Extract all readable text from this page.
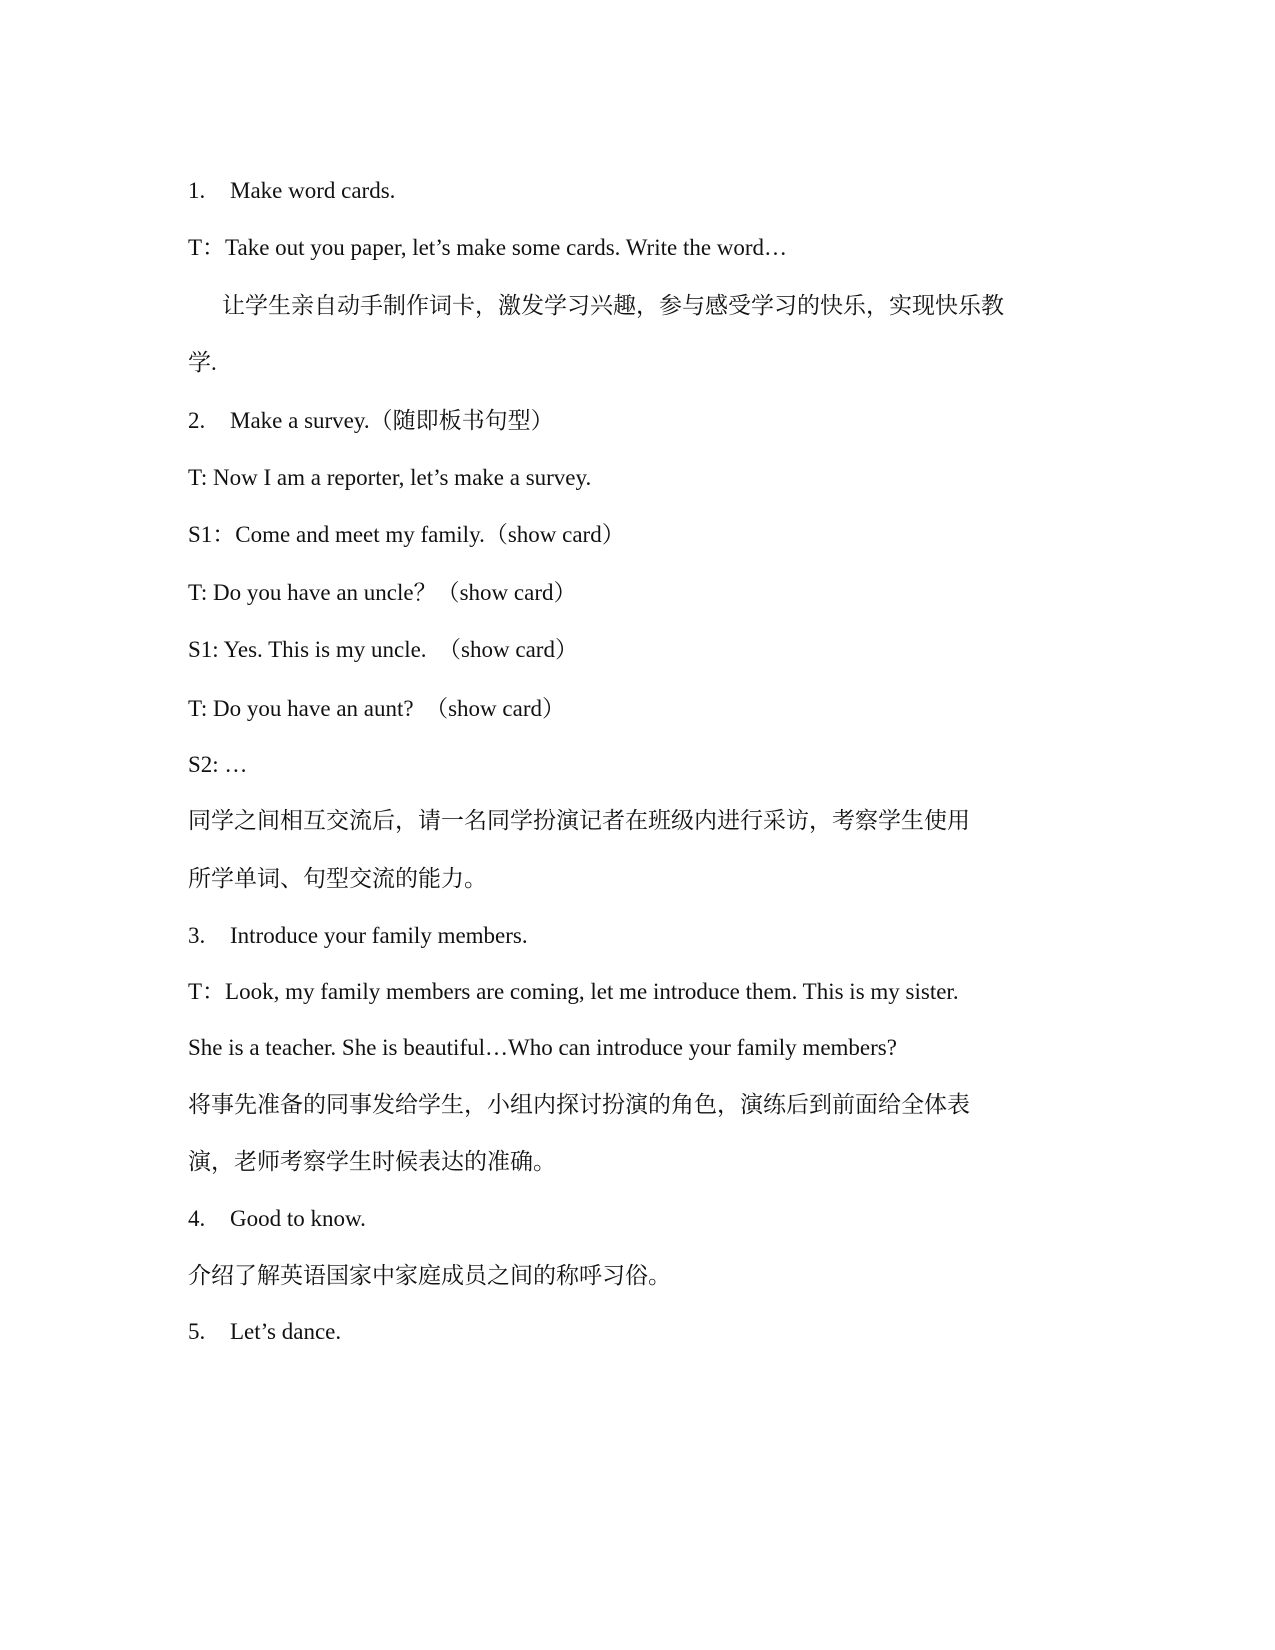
1. Make word cards.
T：Take out you paper, let’s make some cards. Write the word…
让学生亲自动手制作词卡，激发学习兴趣，参与感受学习的快乐，实现快乐教
学.
2. Make a survey.（随即板书句型）
T: Now I am a reporter, let’s make a survey.
S1：Come and meet my family.（show card）
T: Do you have an uncle？（show card）
S1: Yes. This is my uncle.　（show card）
T: Do you have an aunt?　（show card）
S2: …
同学之间相互交流后，请一名同学扮演记者在班级内进行采访，考察学生使用
所学单词、句型交流的能力。
3. Introduce your family members.
T：Look, my family members are coming, let me introduce them. This is my sister.
She is a teacher. She is beautiful…Who can introduce your family members?
将事先准备的同事发给学生，小组内探讨扮演的角色，演练后到前面给全体表
演，老师考察学生时候表达的准确。
4. Good to know.
介绍了解英语国家中家庭成员之间的称呼习俗。
5. Let’s dance.
